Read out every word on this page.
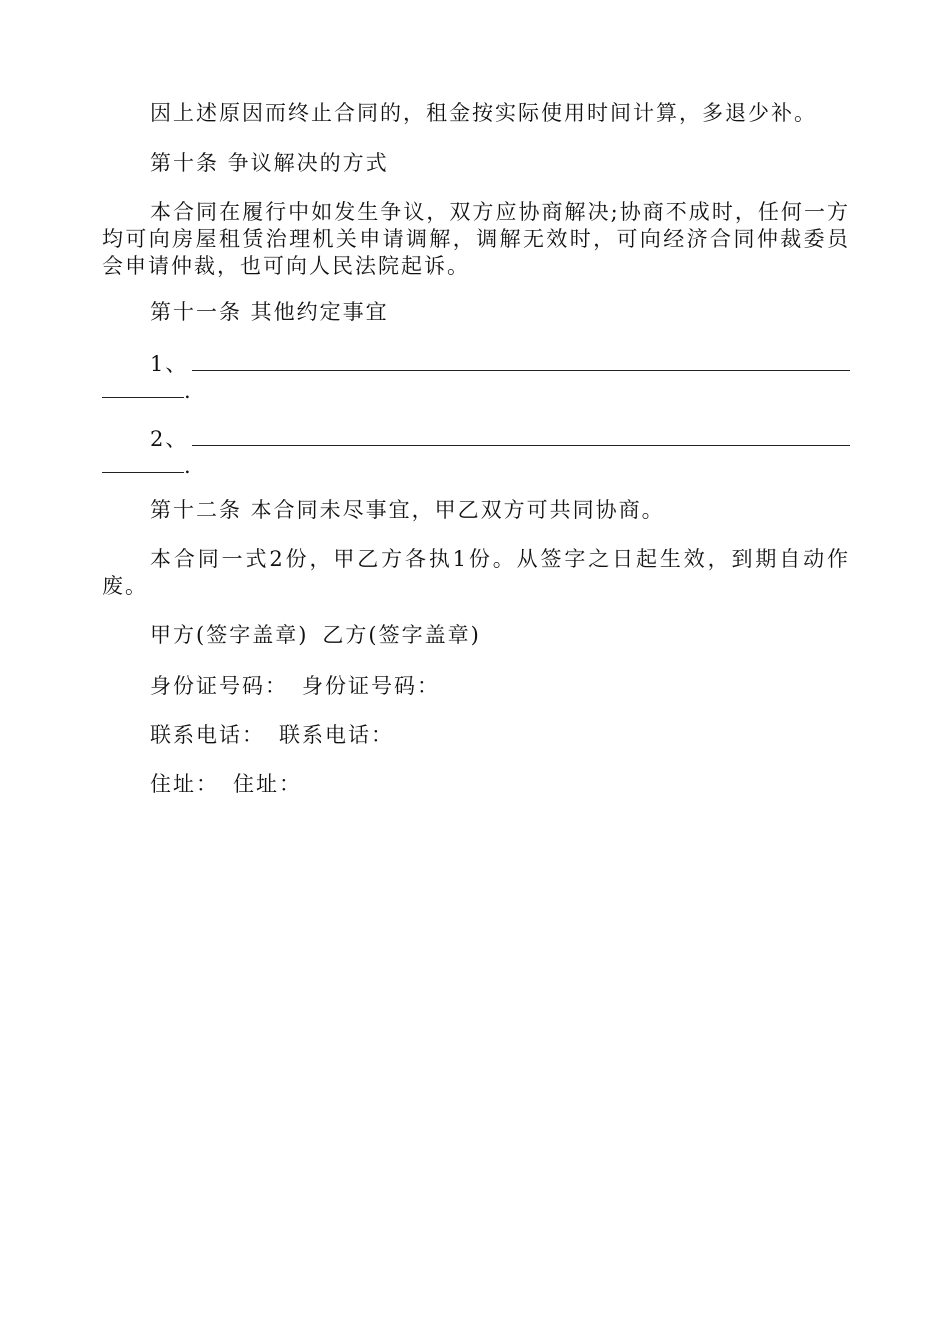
因上述原因而终止合同的，租金按实际使用时间计算，多退少补。

第十条 争议解决的方式

本合同在履行中如发生争议，双方应协商解决;协商不成时，任何一方均可向房屋租赁治理机关申请调解，调解无效时，可向经济合同仲裁委员会申请仲裁，也可向人民法院起诉。

第十一条 其他约定事宜

1、

.

2、

.

第十二条 本合同未尽事宜，甲乙双方可共同协商。

本合同一式2份，甲乙方各执1份。从签字之日起生效，到期自动作废。

甲方(签字盖章) 乙方(签字盖章)

身份证号码： 身份证号码：

联系电话： 联系电话：

住址： 住址：
